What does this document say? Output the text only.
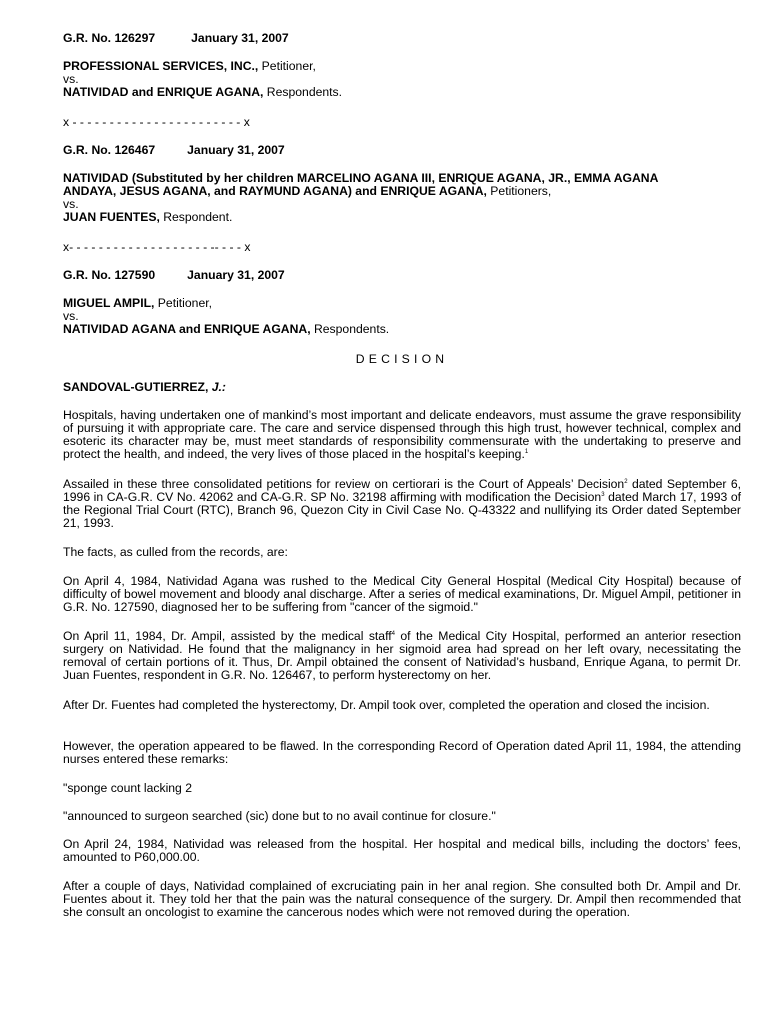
G.R. No. 126297	January 31, 2007
PROFESSIONAL SERVICES, INC., Petitioner,
vs.
NATIVIDAD and ENRIQUE AGANA, Respondents.
x - - - - - - - - - - - - - - - - - - - - - - - x
G.R. No. 126467	January 31, 2007
NATIVIDAD (Substituted by her children MARCELINO AGANA III, ENRIQUE AGANA, JR., EMMA AGANA
ANDAYA, JESUS AGANA, and RAYMUND AGANA) and ENRIQUE AGANA, Petitioners,
vs.
JUAN FUENTES, Respondent.
x- - - - - - - - - - - - - - - - - - - -- - - - x
G.R. No. 127590	January 31, 2007
MIGUEL AMPIL, Petitioner,
vs.
NATIVIDAD AGANA and ENRIQUE AGANA, Respondents.
DECISION
SANDOVAL-GUTIERREZ, J.:
Hospitals, having undertaken one of mankind’s most important and delicate endeavors, must assume the grave responsibility of pursuing it with appropriate care. The care and service dispensed through this high trust, however technical, complex and esoteric its character may be, must meet standards of responsibility commensurate with the undertaking to preserve and protect the health, and indeed, the very lives of those placed in the hospital’s keeping.$^1$
Assailed in these three consolidated petitions for review on certiorari is the Court of Appeals’ Decision$^2$ dated September 6, 1996 in CA-G.R. CV No. 42062 and CA-G.R. SP No. 32198 affirming with modification the Decision$^3$ dated March 17, 1993 of the Regional Trial Court (RTC), Branch 96, Quezon City in Civil Case No. Q-43322 and nullifying its Order dated September 21, 1993.
The facts, as culled from the records, are:
On April 4, 1984, Natividad Agana was rushed to the Medical City General Hospital (Medical City Hospital) because of difficulty of bowel movement and bloody anal discharge. After a series of medical examinations, Dr. Miguel Ampil, petitioner in G.R. No. 127590, diagnosed her to be suffering from "cancer of the sigmoid."
On April 11, 1984, Dr. Ampil, assisted by the medical staff$^4$ of the Medical City Hospital, performed an anterior resection surgery on Natividad. He found that the malignancy in her sigmoid area had spread on her left ovary, necessitating the removal of certain portions of it. Thus, Dr. Ampil obtained the consent of Natividad’s husband, Enrique Agana, to permit Dr. Juan Fuentes, respondent in G.R. No. 126467, to perform hysterectomy on her.
After Dr. Fuentes had completed the hysterectomy, Dr. Ampil took over, completed the operation and closed the incision.
However, the operation appeared to be flawed. In the corresponding Record of Operation dated April 11, 1984, the attending nurses entered these remarks:
"sponge count lacking 2
"announced to surgeon searched (sic) done but to no avail continue for closure."
On April 24, 1984, Natividad was released from the hospital. Her hospital and medical bills, including the doctors’ fees, amounted to P60,000.00.
After a couple of days, Natividad complained of excruciating pain in her anal region. She consulted both Dr. Ampil and Dr. Fuentes about it. They told her that the pain was the natural consequence of the surgery. Dr. Ampil then recommended that she consult an oncologist to examine the cancerous nodes which were not removed during the operation.
